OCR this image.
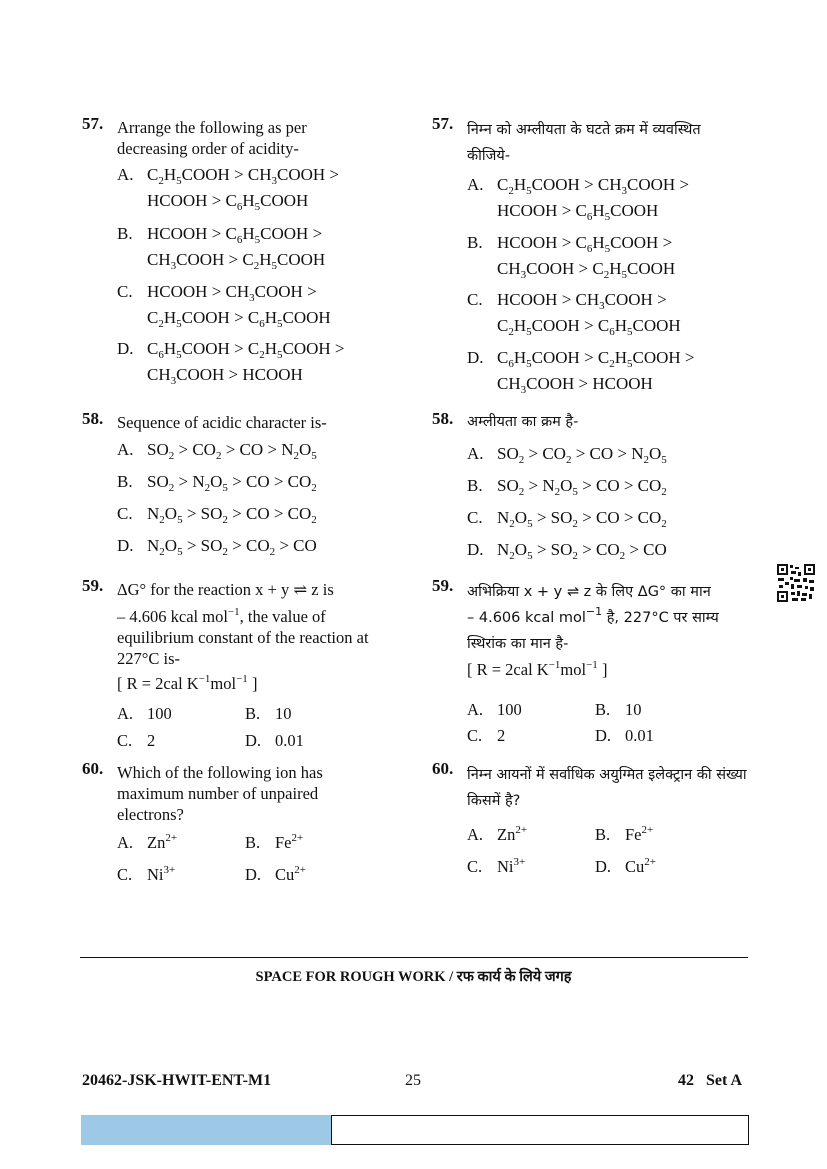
57. Arrange the following as per decreasing order of acidity-
A. $C_2H_5COOH$ > $CH_3COOH$ >
HCOOH > $C_6H_5COOH$
B. HCOOH > $C_6H_5COOH$ >
$CH_3COOH$ > $C_2H_5COOH$
C. HCOOH > $CH_3COOH$ >
$C_2H_5COOH$ > $C_6H_5COOH$
D. $C_6H_5COOH$ > $C_2H_5COOH$ >
$CH_3COOH$ > HCOOH
58. Sequence of acidic character is-
A. $SO_2 > CO_2$ > CO > $N_2O_5$
B. $SO_2 > N_2O_5$ > CO > $CO_2$
C. $N_2O_5 > SO_2$ > CO > $CO_2$
D. $N_2O_5 > SO_2 > CO_2$ > CO
59. ΔG° for the reaction x + y ⇌ z is
– 4.606 kcal mol$^{-1}$, the value of
equilibrium constant of the reaction at
227°C is-
[ R = 2cal $K^{-1}mol^{-1}$ ]
A. 100	B. 10
C. 2	D. 0.01
60. Which of the following ion has maximum number of unpaired electrons?
A. $Zn^{2+}$	B. $Fe^{2+}$
C. $Ni^{3+}$	D. $Cu^{2+}$
57. निम्न को अम्लीयता के घटते क्रम में व्यवस्थित कीजिये-
A. $C_2H_5COOH$ > $CH_3COOH$ >
HCOOH > $C_6H_5COOH$
B. HCOOH > $C_6H_5COOH$ >
$CH_3COOH$ > $C_2H_5COOH$
C. HCOOH > $CH_3COOH$ >
$C_2H_5COOH$ > $C_6H_5COOH$
D. $C_6H_5COOH$ > $C_2H_5COOH$ >
$CH_3COOH$ > HCOOH
58. अम्लीयता का क्रम है-
A. $SO_2 > CO_2$ > CO > $N_2O_5$
B. $SO_2 > N_2O_5$ > CO > $CO_2$
C. $N_2O_5 > SO_2$ > CO > $CO_2$
D. $N_2O_5 > SO_2 > CO_2$ > CO
59. अभिक्रिया x + y ⇌ z के लिए ΔG° का मान
– 4.606 kcal mol$^{-1}$ है, 227°C पर साम्य
स्थिरांक का मान है-
[ R = 2cal $K^{-1}mol^{-1}$ ]
A. 100	B. 10
C. 2	D. 0.01
60. निम्न आयनों में सर्वाधिक अयुग्मित इलेक्ट्रान की संख्या किसमें है?
A. $Zn^{2+}$	B. $Fe^{2+}$
C. $Ni^{3+}$	D. $Cu^{2+}$
SPACE FOR ROUGH WORK / रफ कार्य के लिये जगह
20462-JSK-HWIT-ENT-M1	25	42   Set A
